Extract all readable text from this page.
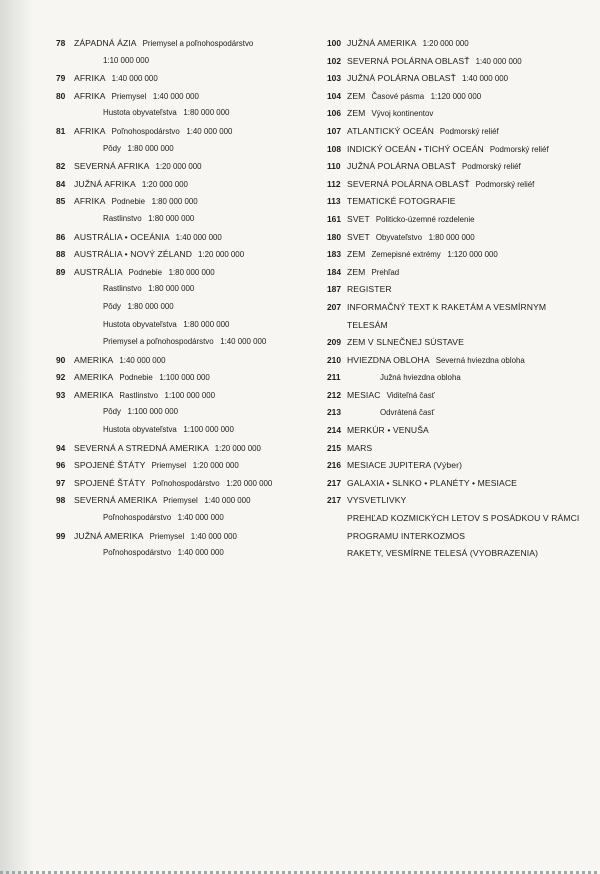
78	ZÁPADNÁ ÁZIA Priemysel a poľnohospodárstvo
1:10 000 000
79	AFRIKA 1:40 000 000
80	AFRIKA Priemysel   1:40 000 000
Hustota obyvateľstva   1:80 000 000
81	AFRIKA Poľnohospodárstvo   1:40 000 000
Pôdy   1:80 000 000
82	SEVERNÁ AFRIKA 1:20 000 000
84	JUŽNÁ AFRIKA 1:20 000 000
85	AFRIKA Podnebie   1:80 000 000
Rastlinstvo   1:80 000 000
86	AUSTRÁLIA • OCEÁNIA 1:40 000 000
88	AUSTRÁLIA • NOVÝ ZÉLAND 1:20 000 000
89	AUSTRÁLIA Podnebie   1:80 000 000
Rastlinstvo   1:80 000 000
Pôdy   1:80 000 000
Hustota obyvateľstva   1:80 000 000
Priemysel a poľnohospodárstvo   1:40 000 000
90	AMERIKA 1:40 000 000
92	AMERIKA Podnebie   1:100 000 000
93	AMERIKA Rastlinstvo   1:100 000 000
Pôdy   1:100 000 000
Hustota obyvateľstva   1:100 000 000
94	SEVERNÁ A STREDNÁ AMERIKA 1:20 000 000
96	SPOJENÉ ŠTÁTY Priemysel   1:20 000 000
97	SPOJENÉ ŠTÁTY Poľnohospodárstvo   1:20 000 000
98	SEVERNÁ AMERIKA Priemysel   1:40 000 000
Poľnohospodárstvo   1:40 000 000
99	JUŽNÁ AMERIKA Priemysel   1:40 000 000
Poľnohospodárstvo   1:40 000 000
100 JUŽNÁ AMERIKA 1:20 000 000
102 SEVERNÁ POLÁRNA OBLASŤ 1:40 000 000
103 JUŽNÁ POLÁRNA OBLASŤ 1:40 000 000
104 ZEM Časové pásma   1:120 000 000
106 ZEM Vývoj kontinentov
107 ATLANTICKÝ OCEÁN Podmorský reliéf
108 INDICKÝ OCEÁN • TICHÝ OCEÁN Podmorský reliéf
110 JUŽNÁ POLÁRNA OBLASŤ Podmorský reliéf
112 SEVERNÁ POLÁRNA OBLASŤ Podmorský reliéf
113 TEMATICKÉ FOTOGRAFIE
161 SVET Politicko-územné rozdelenie
180 SVET Obyvateľstvo   1:80 000 000
183 ZEM Zemepisné extrémy   1:120 000 000
184 ZEM Prehľad
187 REGISTER
207 INFORMAČNÝ TEXT K RAKETÁM A VESMÍRNYM
TELESÁM
209 ZEM V SLNEČNEJ SÚSTAVE
210 HVIEZDNA OBLOHA Severná hviezdna obloha
211	Južná hviezdna obloha
212 MESIAC Viditeľná časť
213	Odvrátená časť
214 MERKÚR • VENUŠA
215 MARS
216 MESIACE JUPITERA (Výber)
217 GALAXIA • SLNKO • PLANÉTY • MESIACE
217 VYSVETLIVKY
PREHĽAD KOZMICKÝCH LETOV S POSÁDKOU V RÁMCI
PROGRAMU INTERKOZMOS
RAKETY, VESMÍRNE TELESÁ (VYOBRAZENIA)
